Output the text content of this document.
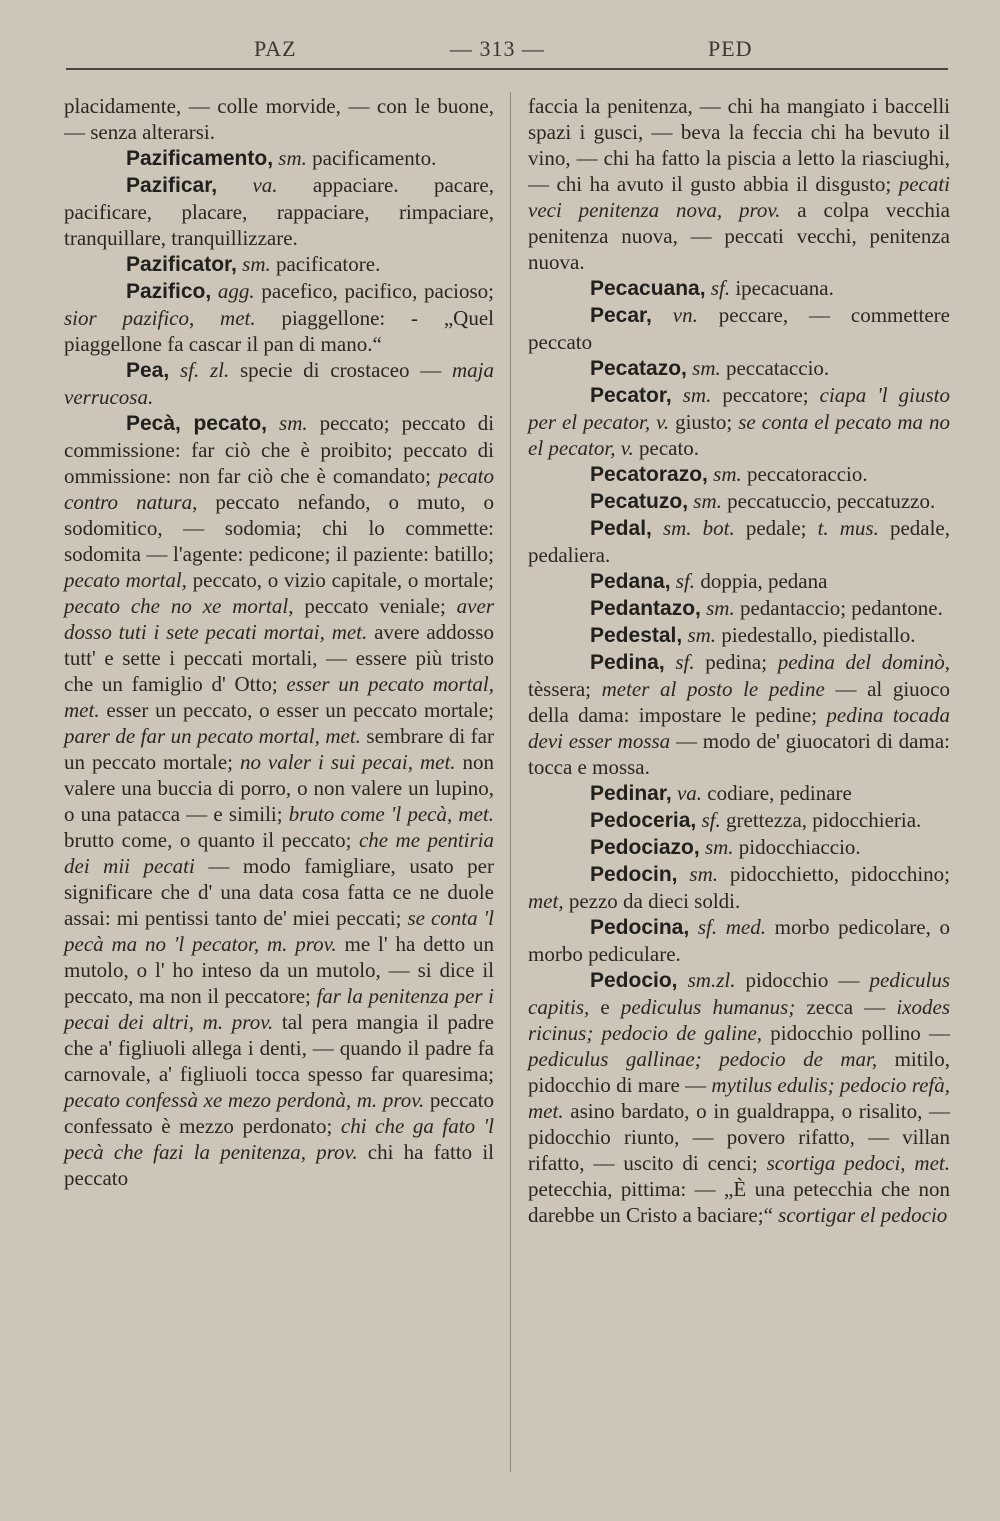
PAZ	— 313 —	PED

placidamente, — colle morvide, — con le buone, — senza alterarsi.

Pazificamento, sm. pacificamento.

Pazificar, va. appaciare. pacare, pacificare, placare, rappaciare, rimpaciare, tranquillare, tranquillizzare.

Pazificator, sm. pacificatore.

Pazifico, agg. pacefico, pacifico, pacioso; sior pazifico, met. piaggellone: - „Quel piaggellone fa cascar il pan di mano.“

Pea, sf. zl. specie di crostaceo — maja verrucosa.

Pecà, pecato, sm. peccato; peccato di commissione: far ciò che è proibito; peccato di ommissione: non far ciò che è comandato; pecato contro natura, peccato nefando, o muto, o sodomitico, — sodomia; chi lo commette: sodomita — l'agente: pedicone; il paziente: batillo; pecato mortal, peccato, o vizio capitale, o mortale; pecato che no xe mortal, peccato veniale; aver dosso tuti i sete pecati mortai, met. avere addosso tutt' e sette i peccati mortali, — essere più tristo che un famiglio d' Otto; esser un pecato mortal, met. esser un peccato, o esser un peccato mortale; parer de far un pecato mortal, met. sembrare di far un peccato mortale; no valer i sui pecai, met. non valere una buccia di porro, o non valere un lupino, o una patacca — e simili; bruto come 'l pecà, met. brutto come, o quanto il peccato; che me pentiria dei mii pecati — modo famigliare, usato per significare che d' una data cosa fatta ce ne duole assai: mi pentissi tanto de' miei peccati; se conta 'l pecà ma no 'l pecator, m. prov. me l' ha detto un mutolo, o l' ho inteso da un mutolo, — si dice il peccato, ma non il peccatore; far la penitenza per i pecai dei altri, m. prov. tal pera mangia il padre che a' figliuoli allega i denti, — quando il padre fa carnovale, a' figliuoli tocca spesso far quaresima; pecato confessà xe mezo perdonà, m. prov. peccato confessato è mezzo perdonato; chi che ga fato 'l pecà che fazi la penitenza, prov. chi ha fatto il peccato

faccia la penitenza, — chi ha mangiato i baccelli spazi i gusci, — beva la feccia chi ha bevuto il vino, — chi ha fatto la piscia a letto la riasciughi, — chi ha avuto il gusto abbia il disgusto; pecati veci penitenza nova, prov. a colpa vecchia penitenza nuova, — peccati vecchi, penitenza nuova.

Pecacuana, sf. ipecacuana.

Pecar, vn. peccare, — commettere peccato

Pecatazo, sm. peccataccio.

Pecator, sm. peccatore; ciapa 'l giusto per el pecator, v. giusto; se conta el pecato ma no el pecator, v. pecato.

Pecatorazo, sm. peccatoraccio.

Pecatuzo, sm. peccatuccio, peccatuzzo.

Pedal, sm. bot. pedale; t. mus. pedale, pedaliera.

Pedana, sf. doppia, pedana

Pedantazo, sm. pedantaccio; pedantone.

Pedestal, sm. piedestallo, piedistallo.

Pedina, sf. pedina; pedina del dominò, tèssera; meter al posto le pedine — al giuoco della dama: impostare le pedine; pedina tocada devi esser mossa — modo de' giuocatori di dama: tocca e mossa.

Pedinar, va. codiare, pedinare

Pedoceria, sf. grettezza, pidocchieria.

Pedociazo, sm. pidocchiaccio.

Pedocin, sm. pidocchietto, pidocchino; met, pezzo da dieci soldi.

Pedocina, sf. med. morbo pedicolare, o morbo pediculare.

Pedocio, sm.zl. pidocchio — pediculus capitis, e pediculus humanus; zecca — ixodes ricinus; pedocio de galine, pidocchio pollino — pediculus gallinae; pedocio de mar, mitilo, pidocchio di mare — mytilus edulis; pedocio refà, met. asino bardato, o in gualdrappa, o risalito, — pidocchio riunto, — povero rifatto, — villan rifatto, — uscito di cenci; scortiga pedoci, met. petecchia, pittima: — „È una petecchia che non darebbe un Cristo a baciare;“ scortigar el pedocio
